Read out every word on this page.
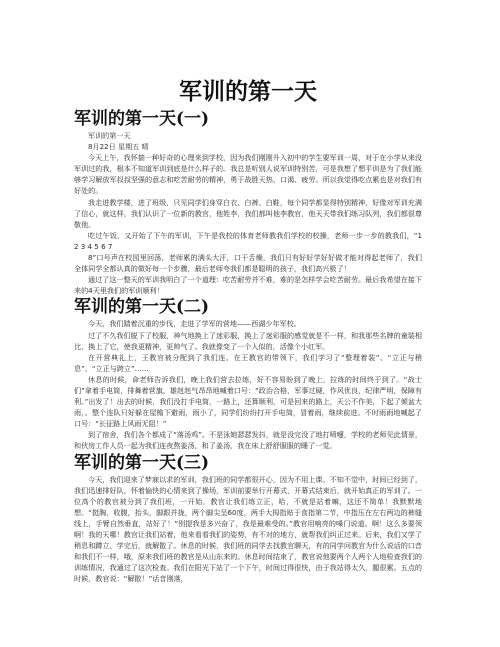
军训的第一天
军训的第一天(一)

军训的第一天

8月22日 星期五 晴

今天上午，我怀揣一种好奇的心理来到学校，因为我们刚刚升入初中的学生要军训一周，对于在小学从来没军训过的我，根本不知道军训到底是什么样子的。我总是听别人说军训特别苦，可是我想了想平训是为了我们能够学习解放军叔叔坚强的意志和吃苦耐劳的精神，勇于战胜天热、口渴、疲劳。所以我觉得吃点累也是对我们有好处的。

我走进教学楼，进了班级，只见同学们身穿白衣、白裤、白鞋，每个同学都显得特别精神，好像对军训充满了信心，就这样，我们认识了一位新的教官，他姓李，我们都叫他李教官，他天天带我们练习队列，我们都很尊敬他。

吃过午饭，又开始了下午的军训，下午是我校的体育老师教我们学校的校操，老师一步一步的教我们，“1 2 3 4 5 6 7

8”口号声在校园里回荡，老师累的满头大汗，口干舌燥，我们只有好好学好好做才能对得起老师了，我们全体同学全都认真的做好每一个步骤，最后老师夸我们都是聪明的孩子，我们高兴极了！

通过了这一整天的军训我明白了一个道理：吃苦耐劳并不难，难的是怎样学会吃苦耐劳。最后我希望在接下来的4天里我们的军训顺利！

军训的第一天(二)

今天，我们踏着沉重的步伐，走进了学军的营地——西湖少年军校。

过了不久我们脱下了校服，神气地换上了迷彩服，换上了迷彩服的感觉就是不一样，和我那些名牌的童装相比，换上了它，使我更精神，更帅气了。我就像变了一个人似的，活像个小红军。

在开营典礼上，王教官被分配到了我们连。在王教官的带领下，我们学习了“整理着装”、“立正与稍息”、“立正与跨立”……

休息的时候，命老师告诉我们，晚上我们营去拉练，好不容易盼到了晚上，拉练的时间终于到了。“战士们”拿着手电筒，排舞着营旗，雄赳赳气昂昂地喊着口号：“政治合格，军事过硬，作风优良，纪律严明，保障有利。”出发了！出去的时候，我们没打手电筒，一路上，还算顺利，可是回来的路上，天公不作美，下起了倾盆大雨，。整个连队只好躲在屋檐下避雨，雨小了，同学们纷纷打开手电筒，冒着雨，继续前进。不时雨雨地喊起了口号：“长征路上风雨无阻！”

到了宿舍，我们各个都成了“落汤鸡”。不是泳她瑟瑟发抖，就是没完没了地打喷嚏，学校的老师见此情景，和伙房工作人员一起为我们连夜熬姜汤，和了姜汤，我在床上舒舒服服的睡了一觉。

军训的第一天(三)

今天，我们迎来了梦寐以求的军训，我们班的同学都很开心，因为不用上课。不知不觉中，时间已经到了，我们迅速排好队，怀着愉快的心情来到了操场，军训前要举行开幕式，开幕式结束后，就开始真正的军训了。一位高个的教官被分到了我们班，一开始，教官让我们练立正，哈，不就是站着嘛，这还不简单！我默默地想。“挺胸，收腹，抬头，脚跟并拢，两个脚尖呈60度，两手大拇指贴于食指第二节，中指压在左右两边的裤缝线上，手臂自然垂直，站好了！”别提我是多兴奋了，我是最难受的。”教官用响亮的嗓门说道。啊！这么多要领啊！我的天哪！教官让我们站着，他来看看我们的姿势，有不对的地方，就帮我们纠正过来。后来，我们又学了稍息和蹲立、学完后，就解散了。休息的时候，我们班的同学去找教官聊天，有的同学问教官为什么说话的口音和我们不一样，哦，原来我们班的教官是从山东来的。休息时间结束了，教官说他要两个人两个人地检查我们的训练情况，我通过了这次检查。我们在阳光下站了一个下午，时间过得很快，由于我站得太久，腿很累。五点的时候，教官说：“解散！”话音刚落，
